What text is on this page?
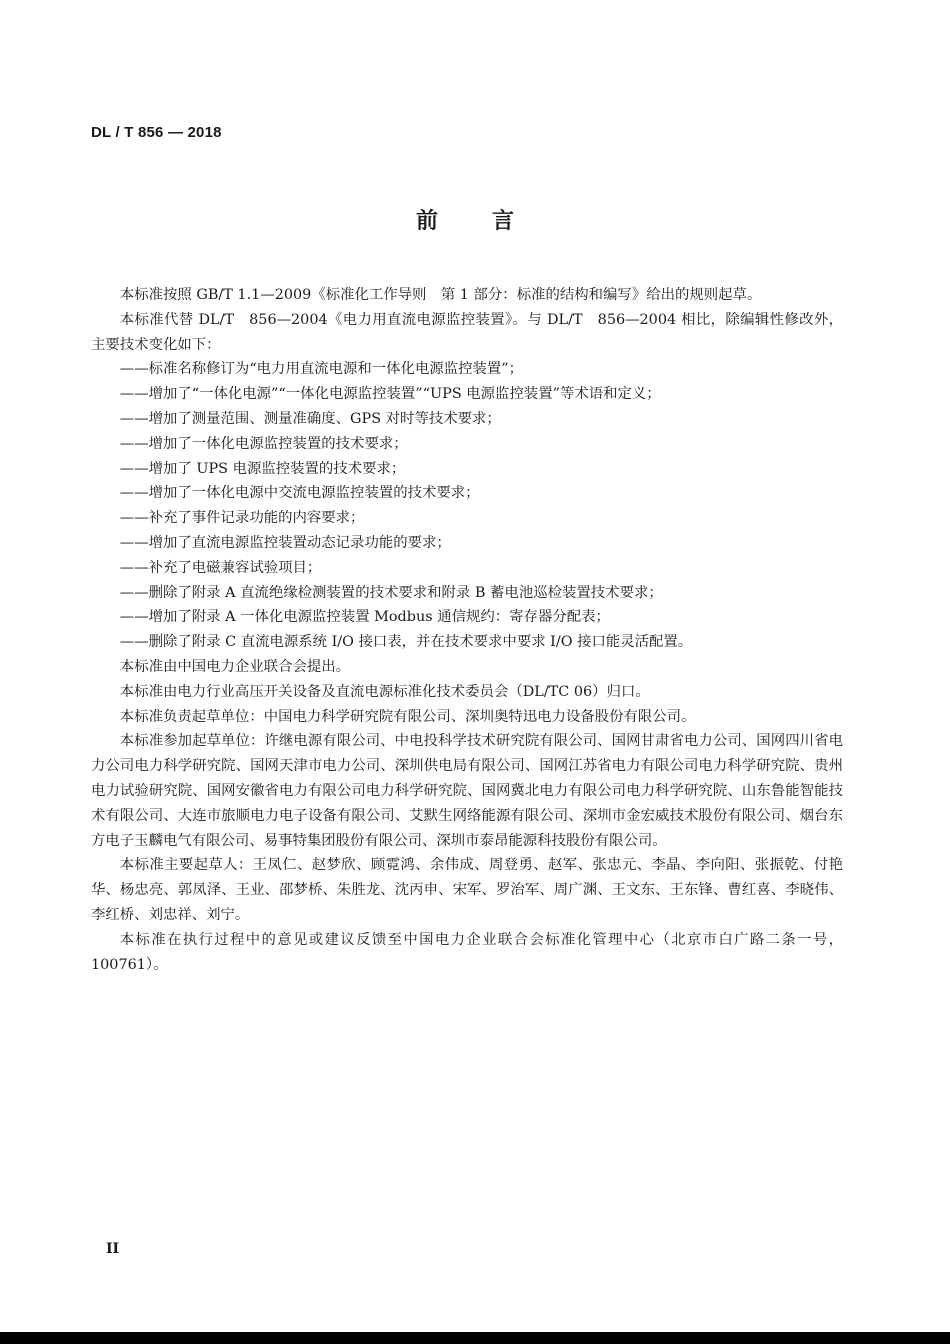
DL / T 856 — 2018
前言

本标准按照 GB/T 1.1—2009《标准化工作导则　第 1 部分：标准的结构和编写》给出的规则起草。

本标准代替 DL/T　856—2004《电力用直流电源监控装置》。与 DL/T　856—2004 相比，除编辑性修改外，主要技术变化如下：

——标准名称修订为“电力用直流电源和一体化电源监控装置”；

——增加了“一体化电源”“一体化电源监控装置”“UPS 电源监控装置”等术语和定义；

——增加了测量范围、测量准确度、GPS 对时等技术要求；

——增加了一体化电源监控装置的技术要求；

——增加了 UPS 电源监控装置的技术要求；

——增加了一体化电源中交流电源监控装置的技术要求；

——补充了事件记录功能的内容要求；

——增加了直流电源监控装置动态记录功能的要求；

——补充了电磁兼容试验项目；

——删除了附录 A 直流绝缘检测装置的技术要求和附录 B 蓄电池巡检装置技术要求；

——增加了附录 A 一体化电源监控装置 Modbus 通信规约：寄存器分配表；

——删除了附录 C 直流电源系统 I/O 接口表，并在技术要求中要求 I/O 接口能灵活配置。

本标准由中国电力企业联合会提出。

本标准由电力行业高压开关设备及直流电源标准化技术委员会（DL/TC 06）归口。

本标准负责起草单位：中国电力科学研究院有限公司、深圳奥特迅电力设备股份有限公司。

本标准参加起草单位：许继电源有限公司、中电投科学技术研究院有限公司、国网甘肃省电力公司、国网四川省电力公司电力科学研究院、国网天津市电力公司、深圳供电局有限公司、国网江苏省电力有限公司电力科学研究院、贵州电力试验研究院、国网安徽省电力有限公司电力科学研究院、国网冀北电力有限公司电力科学研究院、山东鲁能智能技术有限公司、大连市旅顺电力电子设备有限公司、艾默生网络能源有限公司、深圳市金宏威技术股份有限公司、烟台东方电子玉麟电气有限公司、易事特集团股份有限公司、深圳市泰昂能源科技股份有限公司。

本标准主要起草人：王凤仁、赵梦欣、顾霓鸿、余伟成、周登勇、赵军、张忠元、李晶、李向阳、张振乾、付艳华、杨忠亮、郭凤泽、王业、邵梦桥、朱胜龙、沈丙申、宋军、罗治军、周广渊、王文东、王东锋、曹红喜、李晓伟、李红桥、刘忠祥、刘宁。

本标准在执行过程中的意见或建议反馈至中国电力企业联合会标准化管理中心（北京市白广路二条一号，100761）。

II
